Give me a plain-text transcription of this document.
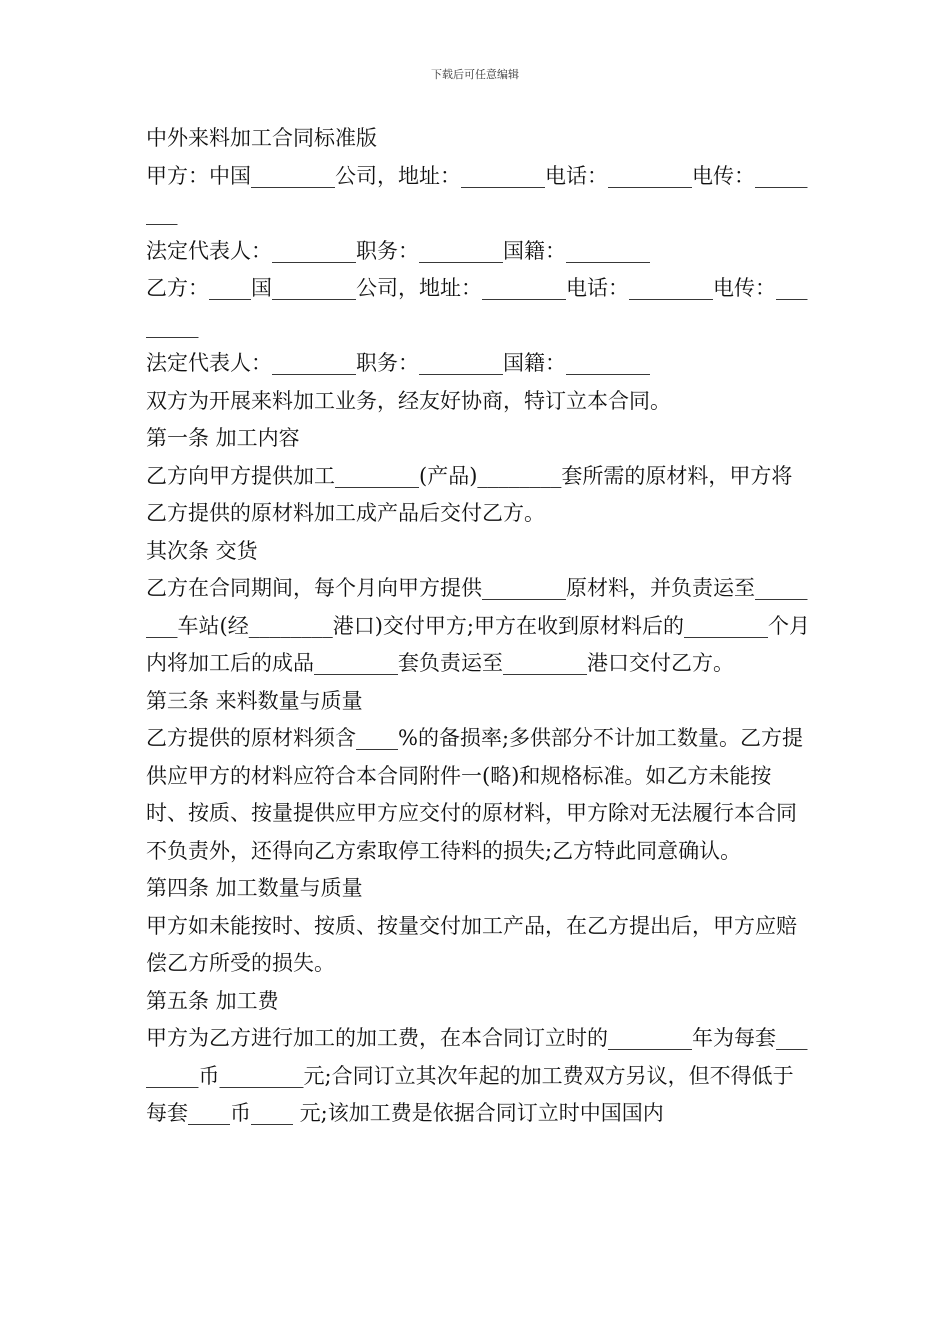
下载后可任意编辑

中外来料加工合同标准版

甲方：中国________公司，地址：________电话：________电传：________

法定代表人：________职务：________国籍：________

乙方：____国________公司，地址：________电话：________电传：________

法定代表人：________职务：________国籍：________

双方为开展来料加工业务，经友好协商，特订立本合同。

第一条 加工内容

乙方向甲方提供加工________(产品)________套所需的原材料，甲方将乙方提供的原材料加工成产品后交付乙方。

其次条 交货

乙方在合同期间，每个月向甲方提供________原材料，并负责运至________车站(经________港口)交付甲方;甲方在收到原材料后的________个月内将加工后的成品________套负责运至________港口交付乙方。

第三条 来料数量与质量

乙方提供的原材料须含____%的备损率;多供部分不计加工数量。乙方提供应甲方的材料应符合本合同附件一(略)和规格标准。如乙方未能按时、按质、按量提供应甲方应交付的原材料，甲方除对无法履行本合同不负责外，还得向乙方索取停工待料的损失;乙方特此同意确认。

第四条 加工数量与质量

甲方如未能按时、按质、按量交付加工产品，在乙方提出后，甲方应赔偿乙方所受的损失。

第五条 加工费

甲方为乙方进行加工的加工费，在本合同订立时的________年为每套________币________元;合同订立其次年起的加工费双方另议，但不得低于每套____币____ 元;该加工费是依据合同订立时中国国内
